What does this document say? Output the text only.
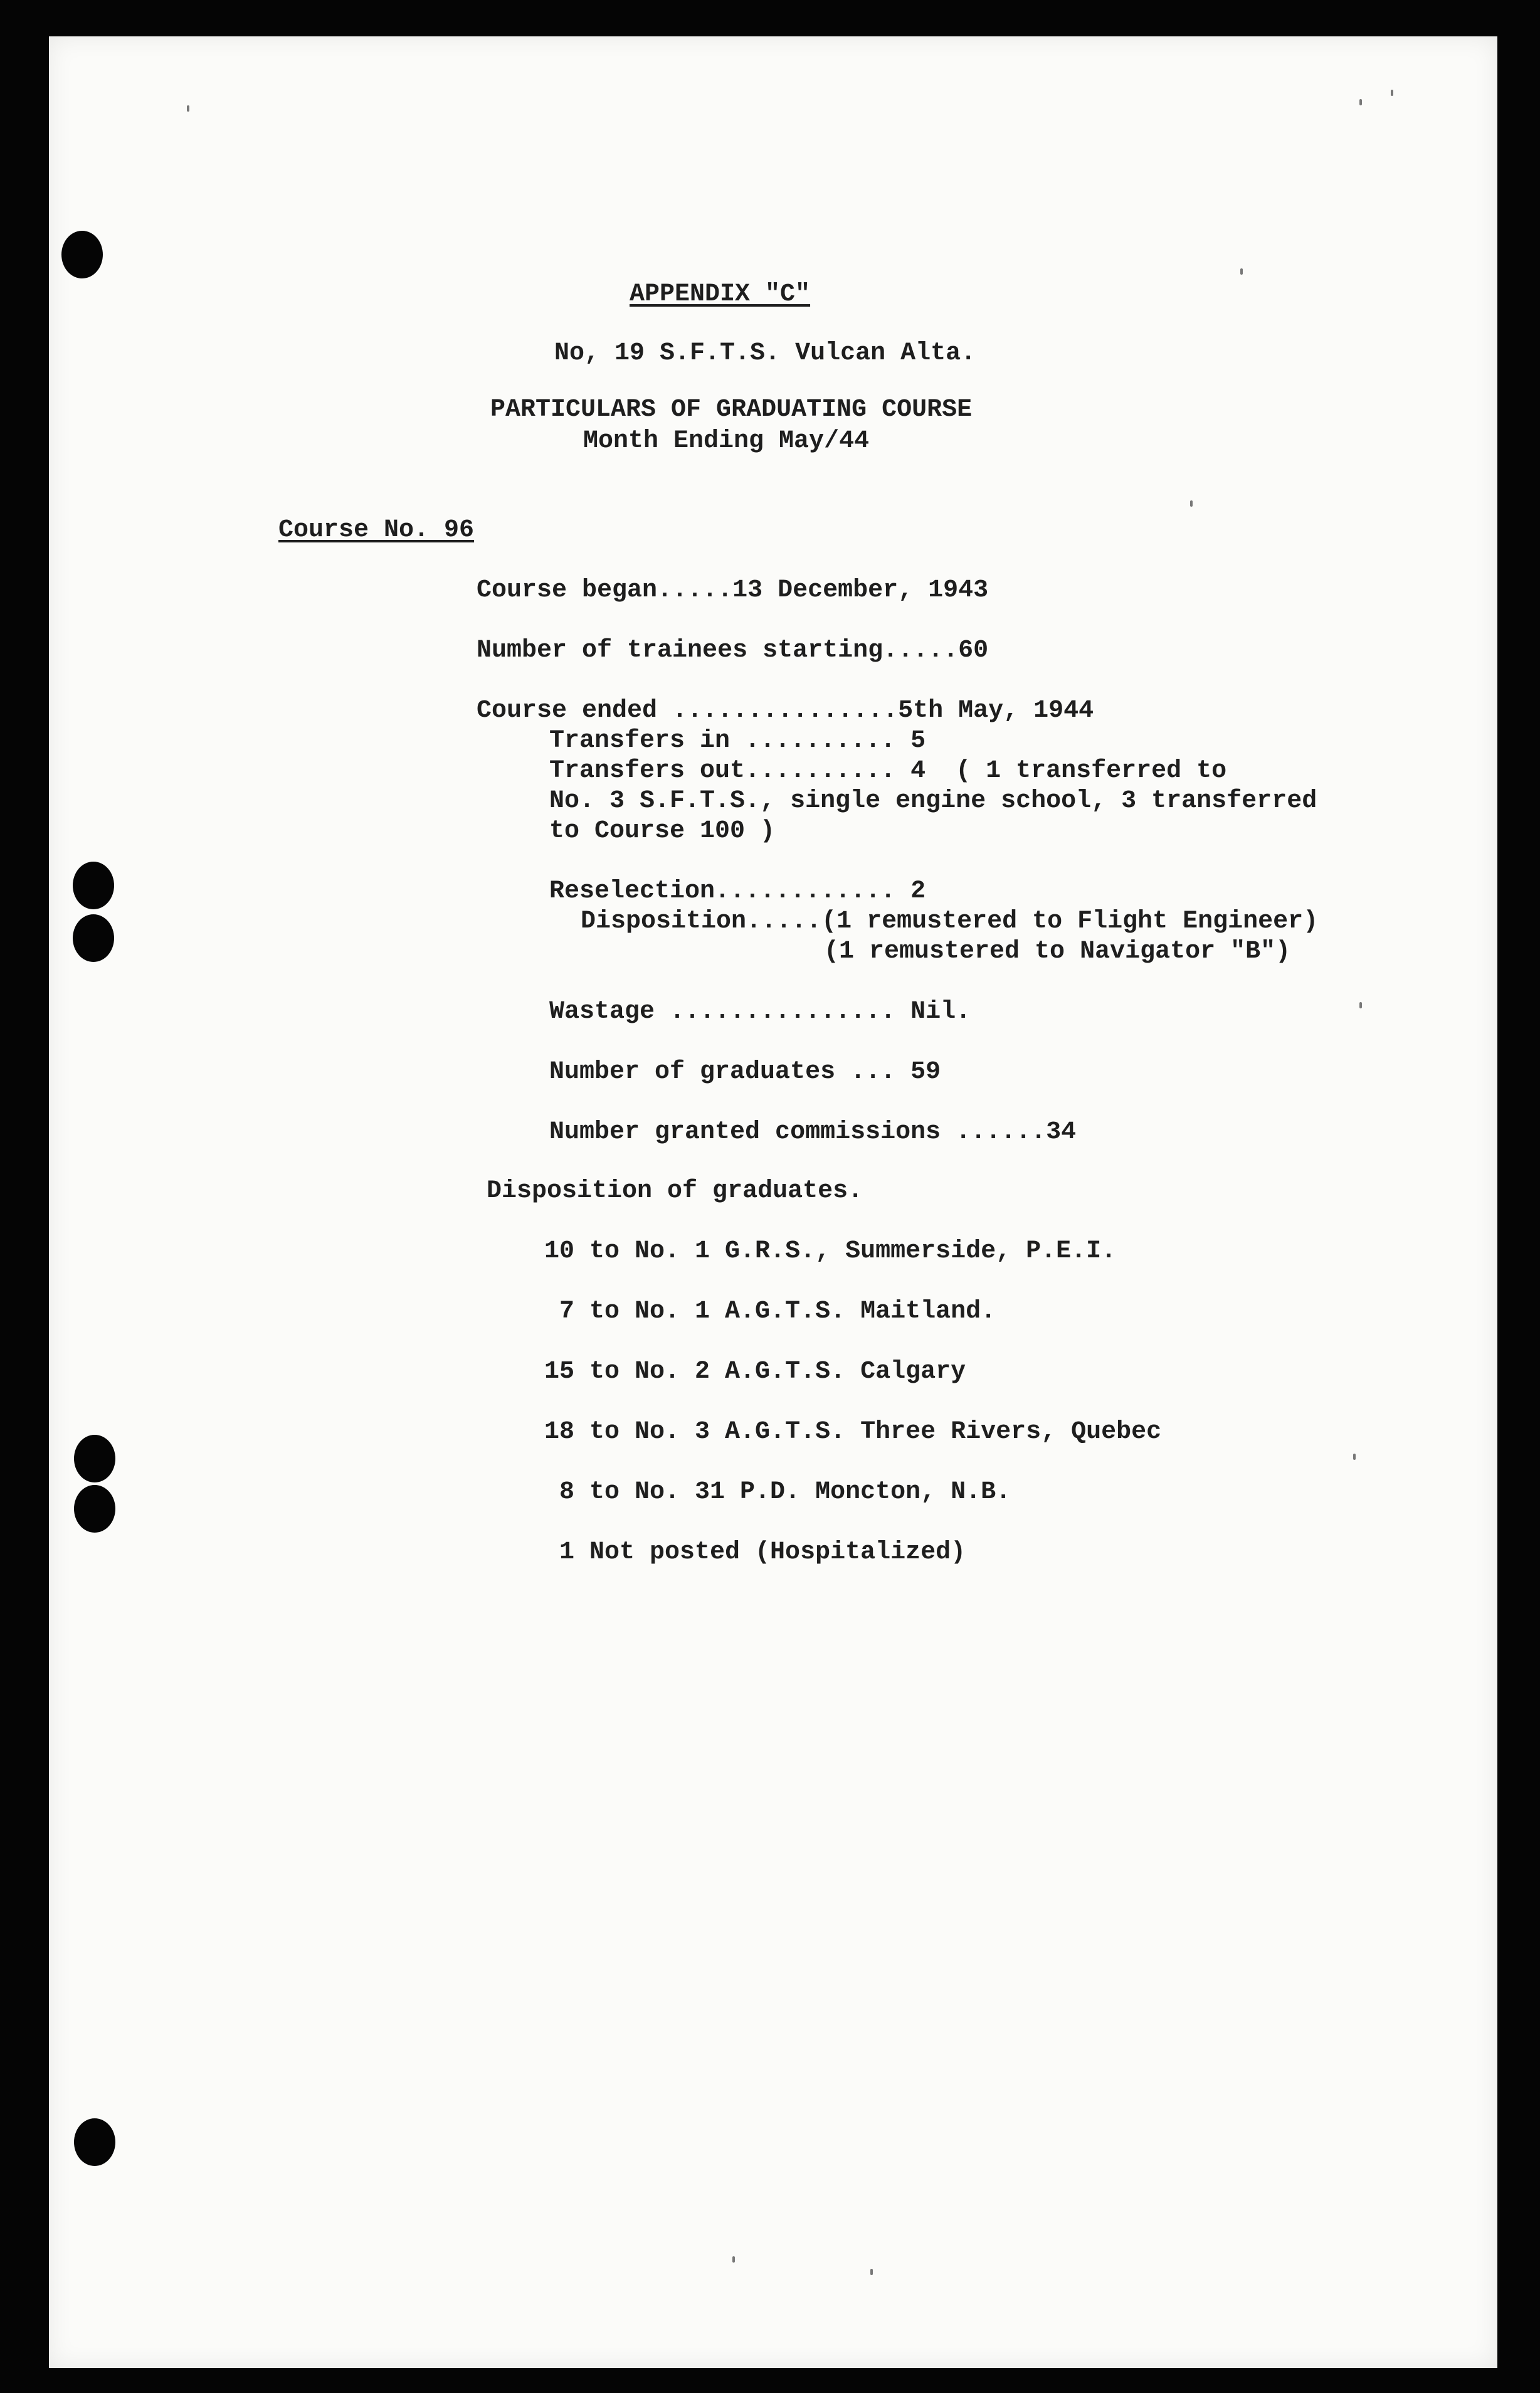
APPENDIX "C"
No, 19 S.F.T.S. Vulcan Alta.
PARTICULARS OF GRADUATING COURSE
Month Ending May/44
Course No. 96
Course began.....13 December, 1943
Number of trainees starting.....60
Course ended ...............5th May, 1944
Transfers in .......... 5
Transfers out.......... 4  ( 1 transferred to
No. 3 S.F.T.S., single engine school, 3 transferred
to Course 100 )
Reselection............ 2
Disposition.....(1 remustered to Flight Engineer)
(1 remustered to Navigator "B")
Wastage ............... Nil.
Number of graduates ... 59
Number granted commissions ......34
Disposition of graduates.
10 to No. 1 G.R.S., Summerside, P.E.I.
7 to No. 1 A.G.T.S. Maitland.
15 to No. 2 A.G.T.S. Calgary
18 to No. 3 A.G.T.S. Three Rivers, Quebec
8 to No. 31 P.D. Moncton, N.B.
1 Not posted (Hospitalized)
